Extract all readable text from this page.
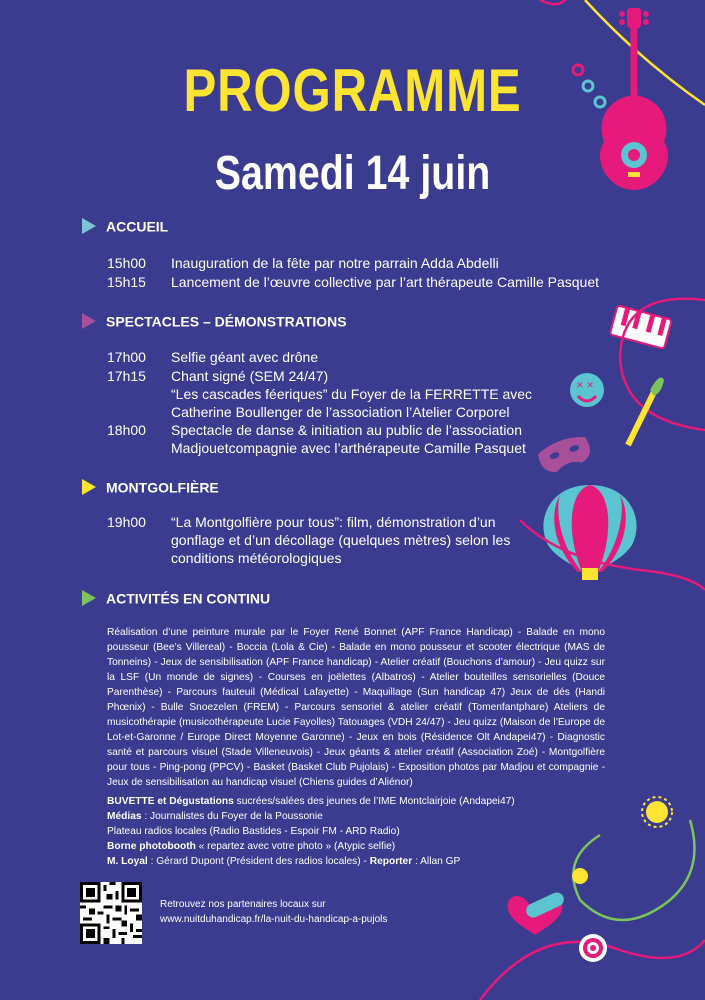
✕ ✕
PROGRAMME
Samedi 14 juin
ACCUEIL
15h00	Inauguration de la fête par notre parrain Adda Abdelli
15h15	Lancement de l’œuvre collective par l’art thérapeute Camille Pasquet
SPECTACLES – DÉMONSTRATIONS
17h00	Selfie géant avec drône
17h15	Chant signé (SEM 24/47)
“Les cascades féeriques” du Foyer de la FERRETTE avec
Catherine Boullenger de l’association l’Atelier Corporel
18h00	Spectacle de danse & initiation au public de l’association
Madjouetcompagnie avec l’arthérapeute Camille Pasquet
MONTGOLFIÈRE
19h00	“La Montgolfière pour tous”: film, démonstration d’un
gonflage et d’un décollage (quelques mètres) selon les
conditions météorologiques
ACTIVITÉS EN CONTINU
Réalisation d’une peinture murale par le Foyer René Bonnet (APF France Handicap) - Balade en mono pousseur (Bee’s Villereal) - Boccia (Lola & Cie) - Balade en mono pousseur et scooter électrique (MAS de Tonneins) - Jeux de sensibilisation (APF France handicap) - Atelier créatif (Bouchons d’amour) - Jeu quizz sur la LSF (Un monde de signes) - Courses en joëlettes (Albatros) - Atelier bouteilles sensorielles (Douce Parenthèse) - Parcours fauteuil (Médical Lafayette) - Maquillage (Sun handicap 47) Jeux de dés (Handi Phœnix) - Bulle Snoezelen (FREM) - Parcours sensoriel & atelier créatif (Tomenfantphare) Ateliers de musicothérapie (musicothérapeute Lucie Fayolles) Tatouages (VDH 24/47) - Jeu quizz (Maison de l’Europe de Lot-et-Garonne / Europe Direct Moyenne Garonne) - Jeux en bois (Résidence Olt Andapei47) - Diagnostic santé et parcours visuel (Stade Villeneuvois) - Jeux géants & atelier créatif (Association Zoé) - Montgolfière pour tous - Ping-pong (PPCV) - Basket (Basket Club Pujolais) - Exposition photos par Madjou et compagnie - Jeux de sensibilisation au handicap visuel (Chiens guides d’Aliénor)
BUVETTE et Dégustations sucrées/salées des jeunes de l’IME Montclairjoie (Andapei47)
Médias : Journalistes du Foyer de la Poussonie
Plateau radios locales (Radio Bastides - Espoir FM - ARD Radio)
Borne photobooth « repartez avec votre photo » (Atypic selfie)
M. Loyal : Gérard Dupont (Président des radios locales) - Reporter : Allan GP
Retrouvez nos partenaires locaux sur
www.nuitduhandicap.fr/la-nuit-du-handicap-a-pujols
